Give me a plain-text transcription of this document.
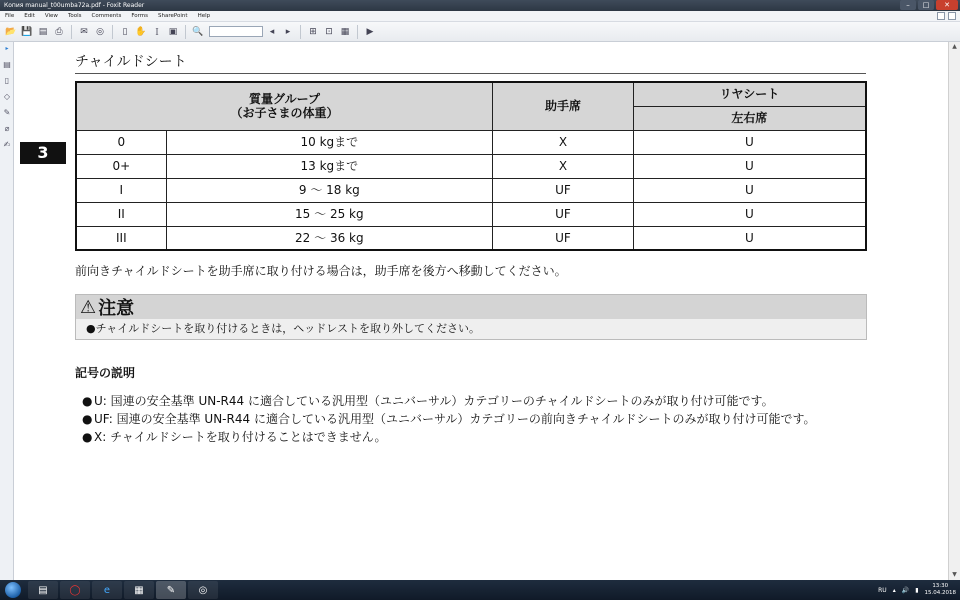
Копия manual_t00umba72a.pdf - Foxit Reader	–	□	✕
File	Edit	View	Tools	Comments	Forms	SharePoint	Help
📂 💾 ▤ ⎙	✉ ◎	▯ ✋ Ｉ ▣	🔍	◂	▸	⊞ ⊡ ▦	▶
▸
▤
▯
◇
✎
⌀
✍
▲
▼
3
チャイルドシート
質量グループ
（お子さまの体重）		助手席	リヤシート
			左右席
0	10 kgまで	X	U
0+	13 kgまで	X	U
I	9 〜 18 kg	UF	U
II	15 〜 25 kg	UF	U
III	22 〜 36 kg	UF	U
前向きチャイルドシートを助手席に取り付ける場合は，助手席を後方へ移動してください。
⚠ 注意
●チャイルドシートを取り付けるときは，ヘッドレストを取り外してください。
記号の説明
● U: 国連の安全基準 UN-R44 に適合している汎用型（ユニバーサル）カテゴリーのチャイルドシートのみが取り付け可能です。
● UF: 国連の安全基準 UN-R44 に適合している汎用型（ユニバーサル）カテゴリーの前向きチャイルドシートのみが取り付け可能です。
● X: チャイルドシートを取り付けることはできません。
▤	◯	e	▦	✎	◎	RU ▴ 🔊 ▮
13:30
15.04.2018
